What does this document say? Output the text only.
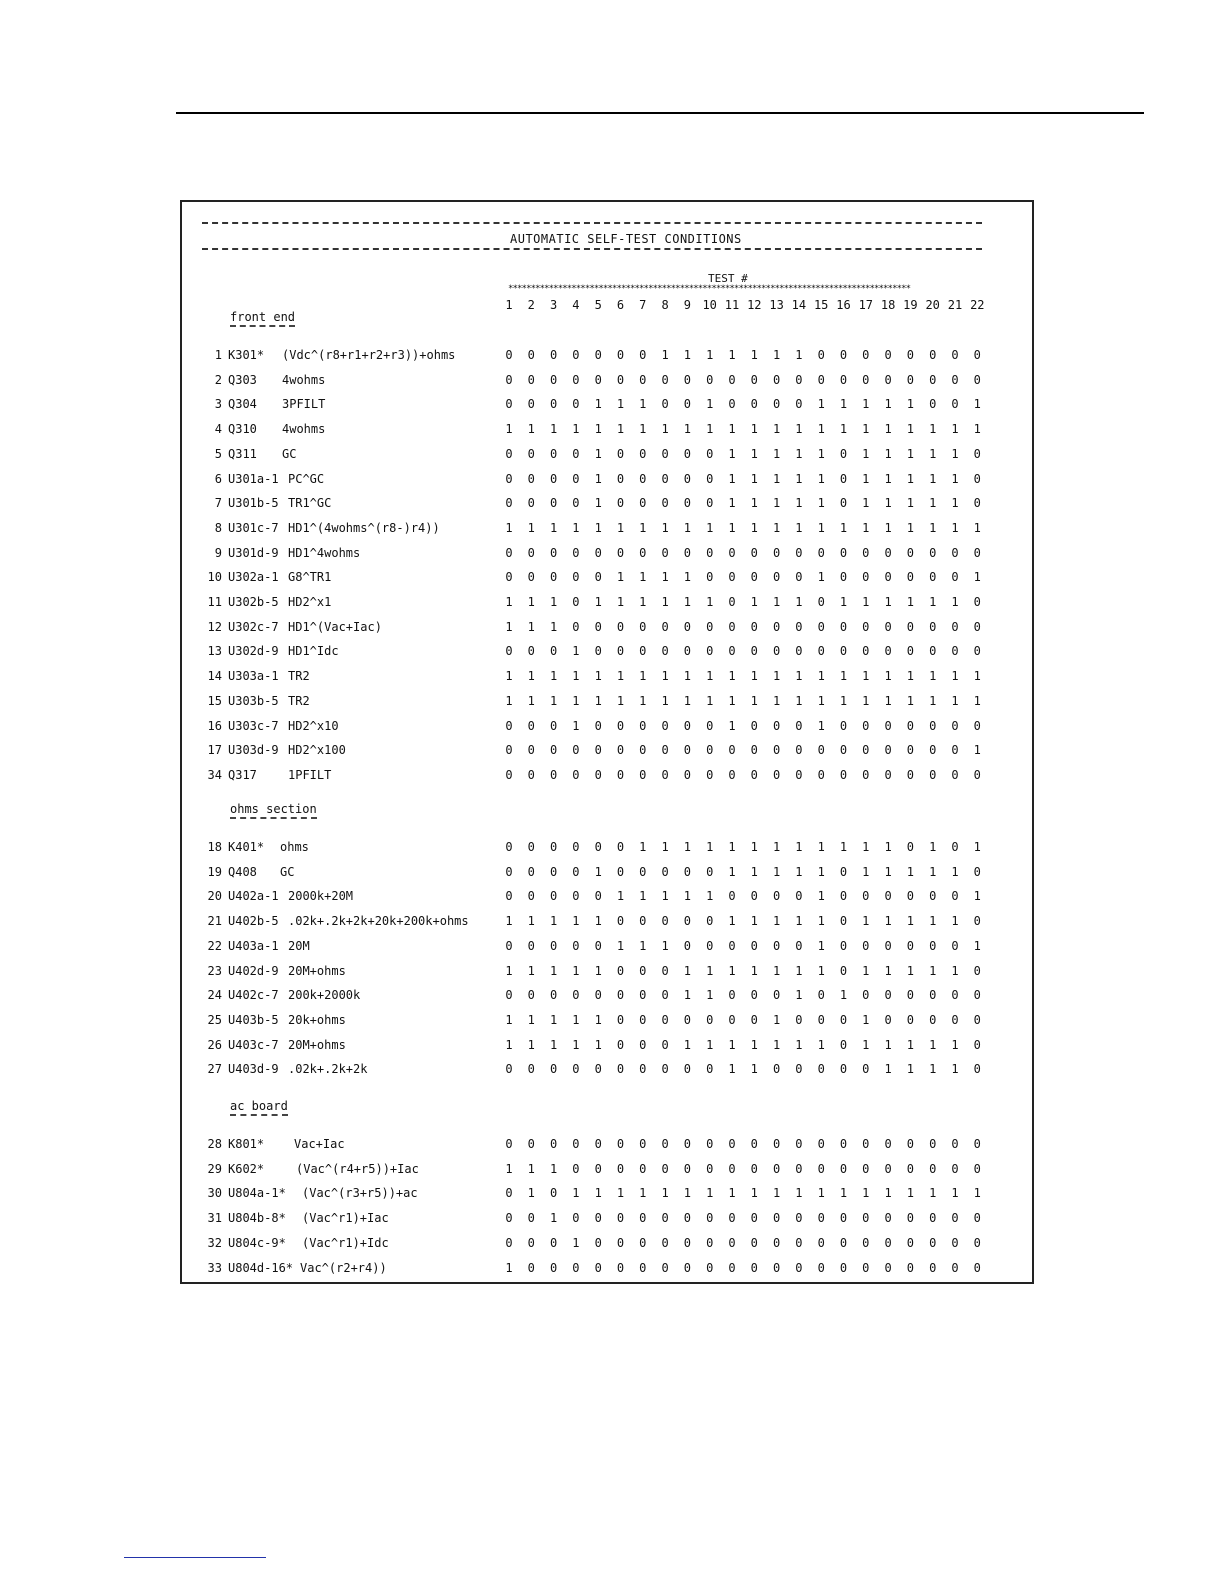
AUTOMATIC SELF-TEST CONDITIONS
TEST #
*****************************************************************************************
1	2	3	4	5	6	7	8	9 10 11 12 13 14 15 16 17 18 19 20 21 22
front end
1 K301* (Vdc^(r8+r1+r2+r3))+ohms	0	0	0	0	0	0	0	1	1	1	1	1	1	1	0	0	0	0	0	0	0	0
2 Q303 4wohms	0	0	0	0	0	0	0	0	0	0	0	0	0	0	0	0	0	0	0	0	0	0
3 Q304 3PFILT	0	0	0	0	1	1	1	0	0	1	0	0	0	0	1	1	1	1	1	0	0	1
4 Q310 4wohms	1	1	1	1	1	1	1	1	1	1	1	1	1	1	1	1	1	1	1	1	1	1
5 Q311 GC	0	0	0	0	1	0	0	0	0	0	1	1	1	1	1	0	1	1	1	1	1	0
6 U301a-1 PC^GC	0	0	0	0	1	0	0	0	0	0	1	1	1	1	1	0	1	1	1	1	1	0
7 U301b-5 TR1^GC	0	0	0	0	1	0	0	0	0	0	1	1	1	1	1	0	1	1	1	1	1	0
8 U301c-7 HD1^(4wohms^(r8-)r4))	1	1	1	1	1	1	1	1	1	1	1	1	1	1	1	1	1	1	1	1	1	1
9 U301d-9 HD1^4wohms	0	0	0	0	0	0	0	0	0	0	0	0	0	0	0	0	0	0	0	0	0	0
10 U302a-1 G8^TR1	0	0	0	0	0	1	1	1	1	0	0	0	0	0	1	0	0	0	0	0	0	1
11 U302b-5 HD2^x1	1	1	1	0	1	1	1	1	1	1	0	1	1	1	0	1	1	1	1	1	1	0
12 U302c-7 HD1^(Vac+Iac)	1	1	1	0	0	0	0	0	0	0	0	0	0	0	0	0	0	0	0	0	0	0
13 U302d-9 HD1^Idc	0	0	0	1	0	0	0	0	0	0	0	0	0	0	0	0	0	0	0	0	0	0
14 U303a-1 TR2	1	1	1	1	1	1	1	1	1	1	1	1	1	1	1	1	1	1	1	1	1	1
15 U303b-5 TR2	1	1	1	1	1	1	1	1	1	1	1	1	1	1	1	1	1	1	1	1	1	1
16 U303c-7 HD2^x10	0	0	0	1	0	0	0	0	0	0	1	0	0	0	1	0	0	0	0	0	0	0
17 U303d-9 HD2^x100	0	0	0	0	0	0	0	0	0	0	0	0	0	0	0	0	0	0	0	0	0	1
34 Q317	1PFILT	0	0	0	0	0	0	0	0	0	0	0	0	0	0	0	0	0	0	0	0	0	0
ohms section
18 K401* ohms	0	0	0	0	0	0	1	1	1	1	1	1	1	1	1	1	1	1	0	1	0	1
19 Q408 GC	0	0	0	0	1	0	0	0	0	0	1	1	1	1	1	0	1	1	1	1	1	0
20 U402a-1 2000k+20M	0	0	0	0	0	1	1	1	1	1	0	0	0	0	1	0	0	0	0	0	0	1
21 U402b-5 .02k+.2k+2k+20k+200k+ohms	1	1	1	1	1	0	0	0	0	0	1	1	1	1	1	0	1	1	1	1	1	0
22 U403a-1 20M	0	0	0	0	0	1	1	1	0	0	0	0	0	0	1	0	0	0	0	0	0	1
23 U402d-9 20M+ohms	1	1	1	1	1	0	0	0	1	1	1	1	1	1	1	0	1	1	1	1	1	0
24 U402c-7 200k+2000k	0	0	0	0	0	0	0	0	1	1	0	0	0	1	0	1	0	0	0	0	0	0
25 U403b-5 20k+ohms	1	1	1	1	1	0	0	0	0	0	0	0	1	0	0	0	1	0	0	0	0	0
26 U403c-7 20M+ohms	1	1	1	1	1	0	0	0	1	1	1	1	1	1	1	0	1	1	1	1	1	0
27 U403d-9 .02k+.2k+2k	0	0	0	0	0	0	0	0	0	0	1	1	0	0	0	0	0	1	1	1	1	0
ac board
28 K801* Vac+Iac	0	0	0	0	0	0	0	0	0	0	0	0	0	0	0	0	0	0	0	0	0	0
29 K602*	(Vac^(r4+r5))+Iac	1	1	1	0	0	0	0	0	0	0	0	0	0	0	0	0	0	0	0	0	0	0
30 U804a-1* (Vac^(r3+r5))+ac	0	1	0	1	1	1	1	1	1	1	1	1	1	1	1	1	1	1	1	1	1	1
31 U804b-8* (Vac^r1)+Iac	0	0	1	0	0	0	0	0	0	0	0	0	0	0	0	0	0	0	0	0	0	0
32 U804c-9* (Vac^r1)+Idc	0	0	0	1	0	0	0	0	0	0	0	0	0	0	0	0	0	0	0	0	0	0
33 U804d-16* Vac^(r2+r4))	1	0	0	0	0	0	0	0	0	0	0	0	0	0	0	0	0	0	0	0	0	0
